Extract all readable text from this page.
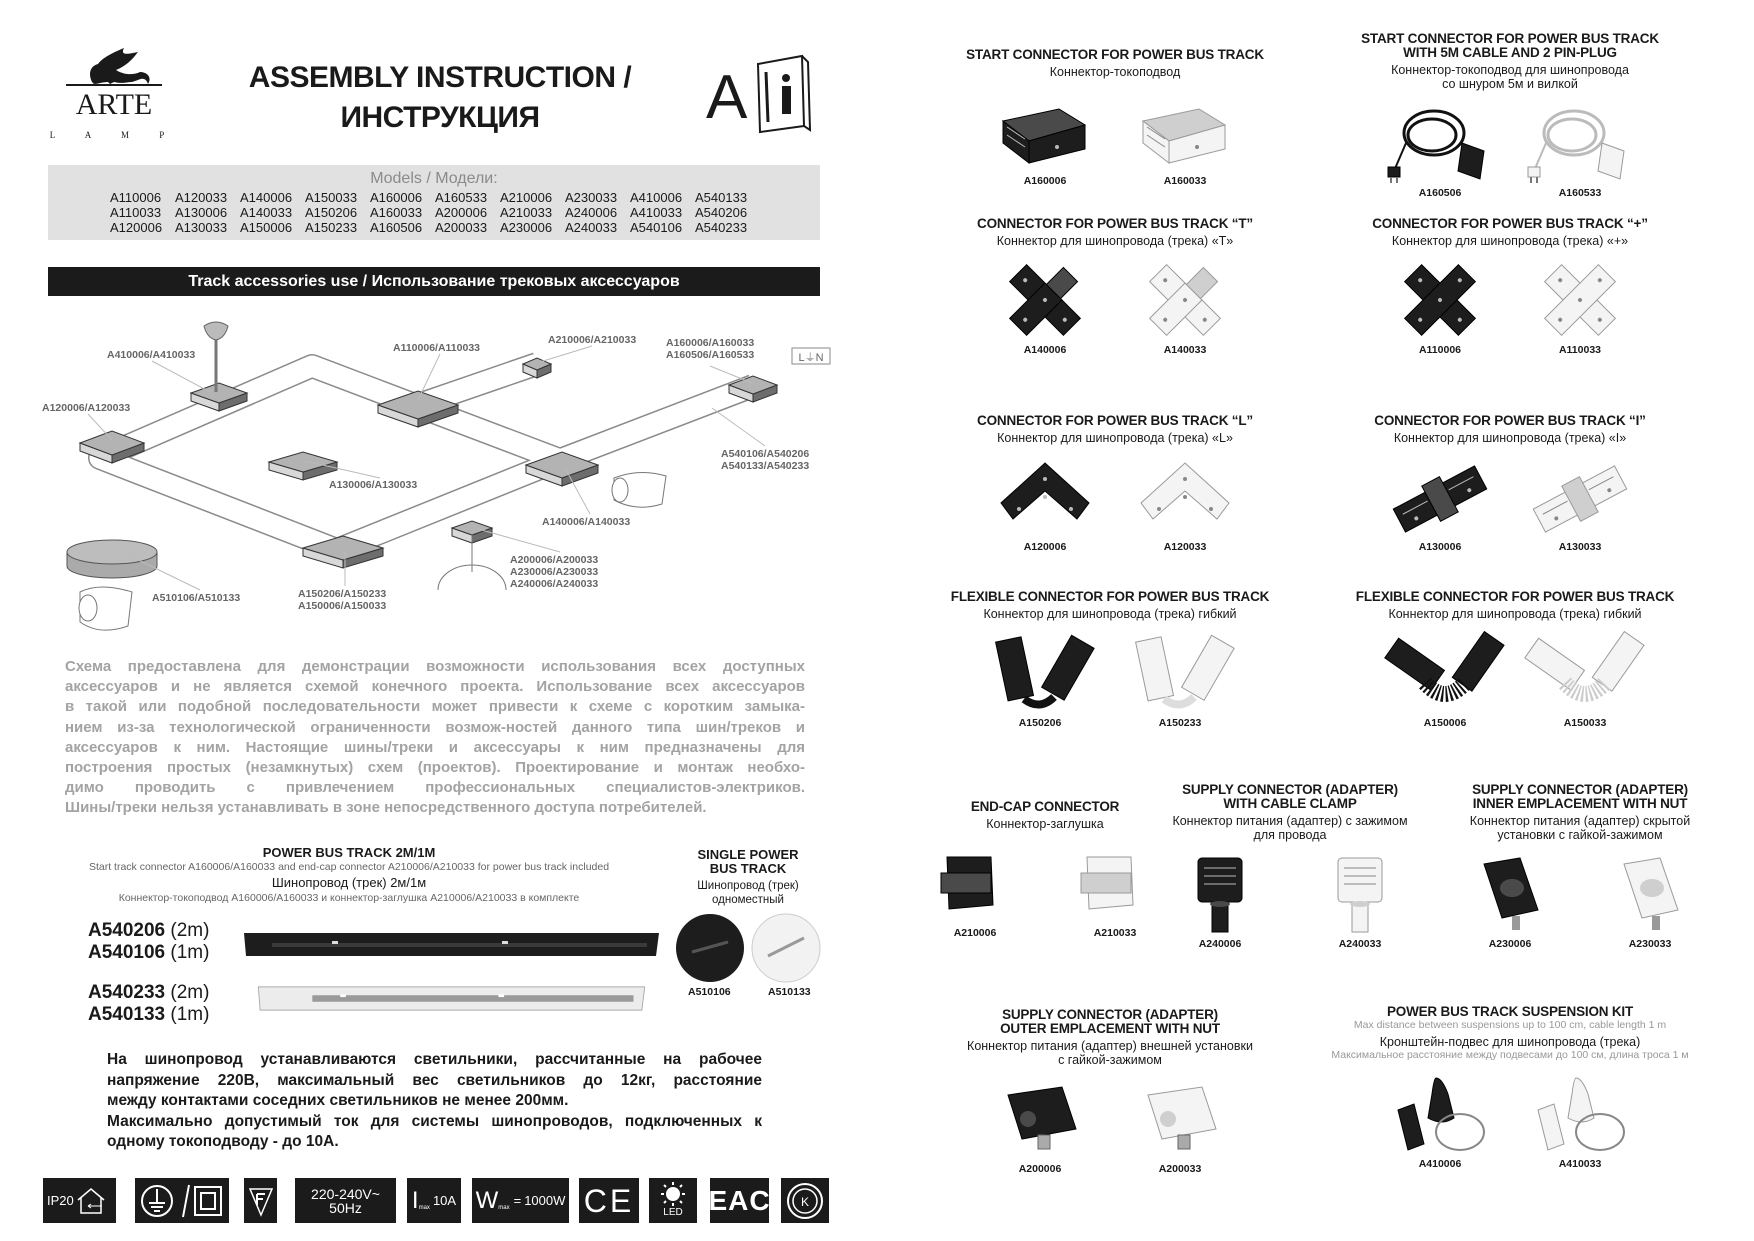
ARTE
L A M P
ASSEMBLY INSTRUCTION /
ИНСТРУКЦИЯ	A
Models / Модели:
A110006	A120033 A140006 A150033 A160006 A160533 A210006 A230033 A410006 A540133
A110033	A130006 A140033 A150206 A160033 A200006 A210033 A240006 A410033 A540206
A120006 A130033 A150006 A150233 A160506 A200033 A230006 A240033 A540106 A540233
Track accessories use / Использование трековых аксессуаров
L⏚N
A410006/A410033
A120006/A120033
A110006/A110033
A210006/A210033	A160006/A160033
A160506/A160533
A540106/A540206
A540133/A540233
A130006/A130033
A140006/A140033
A200006/A200033
A230006/A230033
A240006/A240033
A150206/A150233
A150006/A150033
A510106/A510133
Схема предоставлена для демонстрации возможности использования всех доступных
аксессуаров и не является схемой конечного проекта. Использование всех аксессуаров
в такой или подобной последовательности может привести к схеме с коротким замыка-
нием из-за технологической ограниченности возмож-ностей данного типа шин/треков и
аксессуаров к ним. Настоящие шины/треки и аксессуары к ним предназначены для
построения простых (незамкнутых) схем (проектов). Проектирование и монтаж необхо-
димо проводить с привлечением профессиональных специалистов-электриков.
Шины/треки нельзя устанавливать в зоне непосредственного доступа потребителей.
POWER BUS TRACK 2M/1M
Start track connector A160006/A160033 and end-cap connector A210006/A210033 for power bus track included
Шинопровод (трек) 2м/1м
Коннектор-токоподвод A160006/A160033 и коннектор-заглушка A210006/A210033 в комплекте
SINGLE POWER
BUS TRACK
Шинопровод (трек)
одноместный
A540206 (2m)
A540106 (1m)
A540233 (2m)
A540133 (1m)
A510106	A510133
На шинопровод устанавливаются светильники, рассчитанные на рабочее
напряжение 220В, максимальный вес светильников до 12кг, расстояние
между контактами соседних светильников не менее 200мм.
Максимально допустимый ток для системы шинопроводов, подключенных к
одному токоподводу - до 10А.
IP20	220-240V~
50Hz	I max
10A W max
= 1000W CE	LED EAC	K
START CONNECTOR FOR POWER BUS TRACK
Коннектор-токоподвод
A160006	A160033
START CONNECTOR FOR POWER BUS TRACK
WITH 5M CABLE AND 2 PIN-PLUG
Коннектор-токоподвод для шинопровода
со шнуром 5м и вилкой
A160506	A160533
CONNECTOR FOR POWER BUS TRACK “T”
Коннектор для шинопровода (трека) «T»
A140006	A140033
CONNECTOR FOR POWER BUS TRACK “+”
Коннектор для шинопровода (трека) «+»
A110006	A110033
CONNECTOR FOR POWER BUS TRACK “L”
Коннектор для шинопровода (трека) «L»
A120006	A120033
CONNECTOR FOR POWER BUS TRACK “I”
Коннектор для шинопровода (трека) «I»
A130006	A130033
FLEXIBLE CONNECTOR FOR POWER BUS TRACK
Коннектор для шинопровода (трека) гибкий
A150206	A150233
FLEXIBLE CONNECTOR FOR POWER BUS TRACK
Коннектор для шинопровода (трека) гибкий
A150006	A150033
END-CAP CONNECTOR
Коннектор-заглушка
A210006	A210033
SUPPLY CONNECTOR (ADAPTER)
WITH CABLE CLAMP
Коннектор питания (адаптер) с зажимом
для провода
A240006	A240033
SUPPLY CONNECTOR (ADAPTER)
INNER EMPLACEMENT WITH NUT
Коннектор питания (адаптер) скрытой
установки с гайкой-зажимом
A230006	A230033
SUPPLY CONNECTOR (ADAPTER)
OUTER EMPLACEMENT WITH NUT
Коннектор питания (адаптер) внешней установки
с гайкой-зажимом
A200006	A200033
POWER BUS TRACK SUSPENSION KIT
Max distance between suspensions up to 100 cm, cable length 1 m
Кронштейн-подвес для шинопровода (трека)
Максимальное расстояние между подвесами до 100 см, длина троса 1 м
A410006	A410033
